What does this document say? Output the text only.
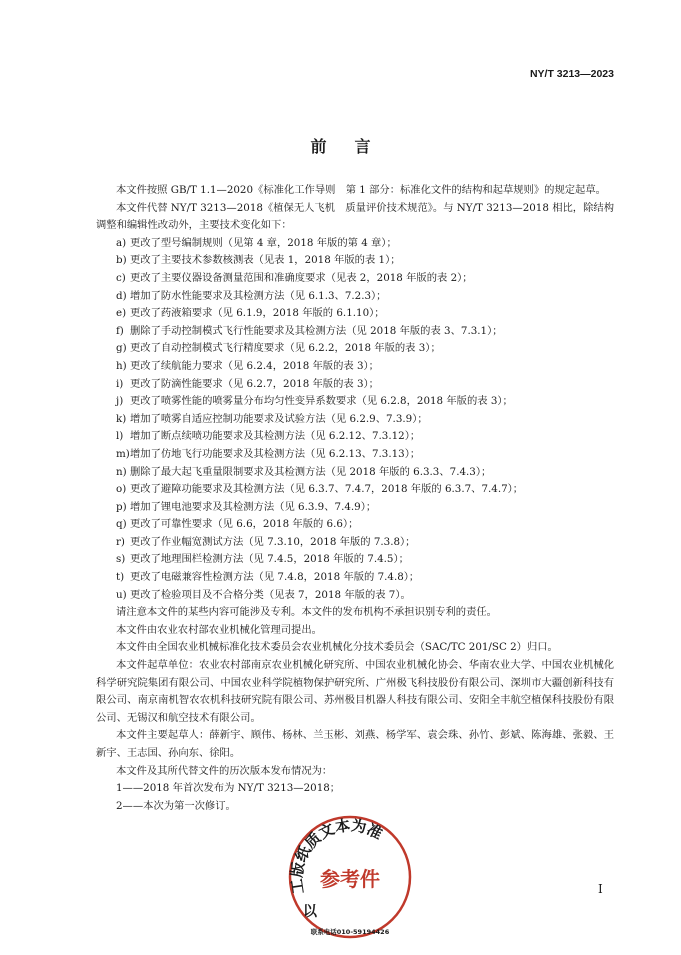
NY/T 3213—2023
前言

本文件按照 GB/T 1.1—2020《标准化工作导则　第 1 部分：标准化文件的结构和起草规则》的规定起草。

本文件代替 NY/T 3213—2018《植保无人飞机　质量评价技术规范》。与 NY/T 3213—2018 相比，除结构调整和编辑性改动外，主要技术变化如下：

a) 更改了型号编制规则（见第 4 章，2018 年版的第 4 章）；

b) 更改了主要技术参数核测表（见表 1，2018 年版的表 1）；

c) 更改了主要仪器设备测量范围和准确度要求（见表 2，2018 年版的表 2）；

d) 增加了防水性能要求及其检测方法（见 6.1.3、7.2.3）；

e) 更改了药液箱要求（见 6.1.9，2018 年版的 6.1.10）；

f) 删除了手动控制模式飞行性能要求及其检测方法（见 2018 年版的表 3、7.3.1）；

g) 更改了自动控制模式飞行精度要求（见 6.2.2，2018 年版的表 3）；

h) 更改了续航能力要求（见 6.2.4，2018 年版的表 3）；

i) 更改了防滴性能要求（见 6.2.7，2018 年版的表 3）；

j) 更改了喷雾性能的喷雾量分布均匀性变异系数要求（见 6.2.8，2018 年版的表 3）；

k) 增加了喷雾自适应控制功能要求及试验方法（见 6.2.9、7.3.9）；

l) 增加了断点续喷功能要求及其检测方法（见 6.2.12、7.3.12）；

m)增加了仿地飞行功能要求及其检测方法（见 6.2.13、7.3.13）；

n) 删除了最大起飞重量限制要求及其检测方法（见 2018 年版的 6.3.3、7.4.3）；

o) 更改了避障功能要求及其检测方法（见 6.3.7、7.4.7，2018 年版的 6.3.7、7.4.7）；

p) 增加了锂电池要求及其检测方法（见 6.3.9、7.4.9）；

q) 更改了可靠性要求（见 6.6，2018 年版的 6.6）；

r) 更改了作业幅宽测试方法（见 7.3.10，2018 年版的 7.3.8）；

s) 更改了地理围栏检测方法（见 7.4.5，2018 年版的 7.4.5）；

t) 更改了电磁兼容性检测方法（见 7.4.8，2018 年版的 7.4.8）；

u) 更改了检验项目及不合格分类（见表 7，2018 年版的表 7）。

请注意本文件的某些内容可能涉及专利。本文件的发布机构不承担识别专利的责任。

本文件由农业农村部农业机械化管理司提出。

本文件由全国农业机械标准化技术委员会农业机械化分技术委员会（SAC/TC 201/SC 2）归口。

本文件起草单位：农业农村部南京农业机械化研究所、中国农业机械化协会、华南农业大学、中国农业机械化科学研究院集团有限公司、中国农业科学院植物保护研究所、广州极飞科技股份有限公司、深圳市大疆创新科技有限公司、南京南机智农农机科技研究院有限公司、苏州极目机器人科技有限公司、安阳全丰航空植保科技股份有限公司、无锡汉和航空技术有限公司。

本文件主要起草人：薛新宇、顾伟、杨林、兰玉彬、刘燕、杨学军、袁会珠、孙竹、彭斌、陈海雄、张毅、王新宇、王志国、孙向东、徐阳。

本文件及其所代替文件的历次版本发布情况为：

1——2018 年首次发布为 NY/T 3213—2018；

2——本次为第一次修订。

I
工版纸质文本为准
以
参考件
联系电话010-59194426
